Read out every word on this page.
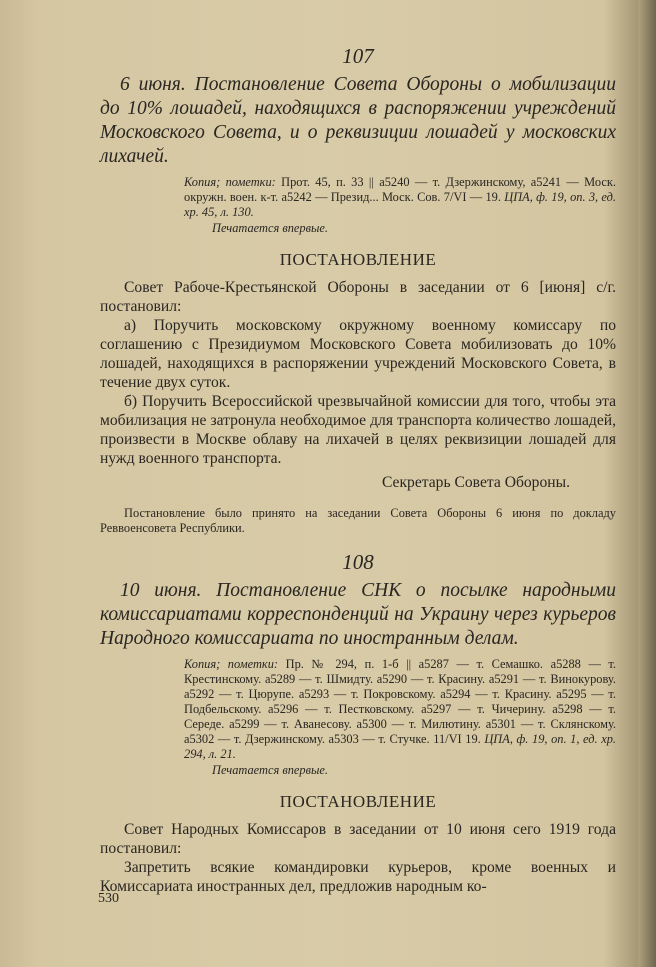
107

6 июня. Постановление Совета Обороны о мобилизации до 10% лошадей, находящихся в распоряжении учреждений Московского Совета, и о реквизиции лошадей у московских лихачей.

Копия; пометки: Прот. 45, п. 33 || а5240 — т. Дзержинскому, а5241 — Моск. окружн. воен. к-т. а5242 — Презид... Моск. Сов. 7/VI — 19. ЦПА, ф. 19, оп. 3, ед. хр. 45, л. 130.
Печатается впервые.
ПОСТАНОВЛЕНИЕ

Совет Рабоче-Крестьянской Обороны в заседании от 6 [июня] с/г. постановил:

а) Поручить московскому окружному военному комиссару по соглашению с Президиумом Московского Совета мобилизовать до 10% лошадей, находящихся в распоряжении учреждений Московского Совета, в течение двух суток.

б) Поручить Всероссийской чрезвычайной комиссии для того, чтобы эта мобилизация не затронула необходимое для транспорта количество лошадей, произвести в Москве облаву на лихачей в целях реквизиции лошадей для нужд военного транспорта.

Секретарь Совета Обороны.

Постановление было принято на заседании Совета Обороны 6 июня по докладу Реввоенсовета Республики.

108

10 июня. Постановление СНК о посылке народными комиссариатами корреспонденций на Украину через курьеров Народного комиссариата по иностранным делам.

Копия; пометки: Пр. № 294, п. 1-б || а5287 — т. Семашко. а5288 — т. Крестинскому. а5289 — т. Шмидту. а5290 — т. Красину. а5291 — т. Винокурову. а5292 — т. Цюрупе. а5293 — т. Покровскому. а5294 — т. Красину. а5295 — т. Подбельскому. а5296 — т. Пестковскому. а5297 — т. Чичерину. а5298 — т. Середе. а5299 — т. Аванесову. а5300 — т. Милютину. а5301 — т. Склянскому. а5302 — т. Дзержинскому. а5303 — т. Стучке. 11/VI 19. ЦПА, ф. 19, оп. 1, ед. хр. 294, л. 21.
Печатается впервые.
ПОСТАНОВЛЕНИЕ

Совет Народных Комиссаров в заседании от 10 июня сего 1919 года постановил:

Запретить всякие командировки курьеров, кроме военных и Комиссариата иностранных дел, предложив народным ко-

530
